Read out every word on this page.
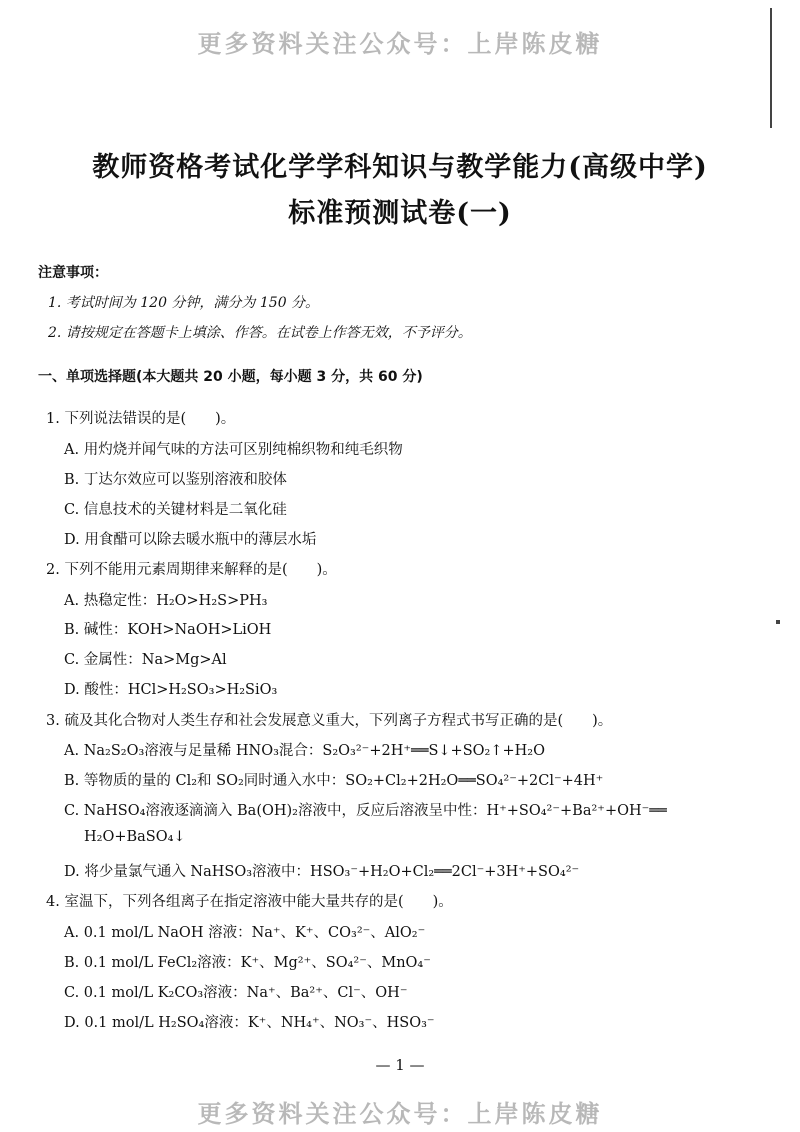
更多资料关注公众号：上岸陈皮糖
教师资格考试化学学科知识与教学能力(高级中学)
标准预测试卷(一)
注意事项：
1. 考试时间为 120 分钟，满分为 150 分。
2. 请按规定在答题卡上填涂、作答。在试卷上作答无效，不予评分。
一、单项选择题(本大题共 20 小题，每小题 3 分，共 60 分)
1. 下列说法错误的是(　　)。
A. 用灼烧并闻气味的方法可区别纯棉织物和纯毛织物
B. 丁达尔效应可以鉴别溶液和胶体
C. 信息技术的关键材料是二氧化硅
D. 用食醋可以除去暖水瓶中的薄层水垢
2. 下列不能用元素周期律来解释的是(　　)。
A. 热稳定性：H₂O>H₂S>PH₃
B. 碱性：KOH>NaOH>LiOH
C. 金属性：Na>Mg>Al
D. 酸性：HCl>H₂SO₃>H₂SiO₃
3. 硫及其化合物对人类生存和社会发展意义重大，下列离子方程式书写正确的是(　　)。
A. Na₂S₂O₃溶液与足量稀 HNO₃混合：S₂O₃²⁻+2H⁺══S↓+SO₂↑+H₂O
B. 等物质的量的 Cl₂和 SO₂同时通入水中：SO₂+Cl₂+2H₂O══SO₄²⁻+2Cl⁻+4H⁺
C. NaHSO₄溶液逐滴滴入 Ba(OH)₂溶液中，反应后溶液呈中性：H⁺+SO₄²⁻+Ba²⁺+OH⁻══
H₂O+BaSO₄↓
D. 将少量氯气通入 NaHSO₃溶液中：HSO₃⁻+H₂O+Cl₂══2Cl⁻+3H⁺+SO₄²⁻
4. 室温下，下列各组离子在指定溶液中能大量共存的是(　　)。
A. 0.1 mol/L NaOH 溶液：Na⁺、K⁺、CO₃²⁻、AlO₂⁻
B. 0.1 mol/L FeCl₂溶液：K⁺、Mg²⁺、SO₄²⁻、MnO₄⁻
C. 0.1 mol/L K₂CO₃溶液：Na⁺、Ba²⁺、Cl⁻、OH⁻
D. 0.1 mol/L H₂SO₄溶液：K⁺、NH₄⁺、NO₃⁻、HSO₃⁻
— 1 —
更多资料关注公众号：上岸陈皮糖
